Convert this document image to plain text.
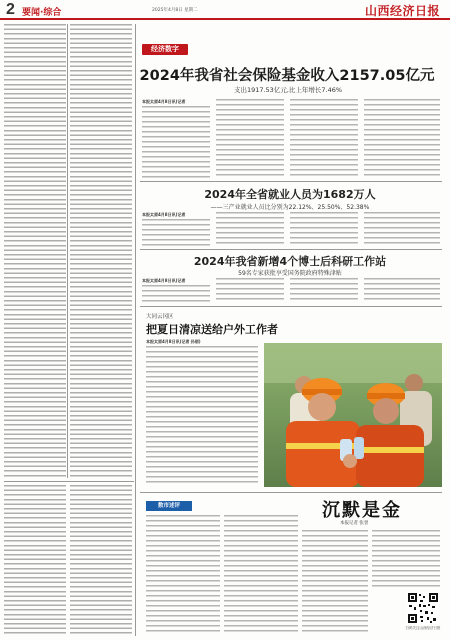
2 要闻·综合	2025年4月8日 星期二	山西经济日报
经济数字
2024年我省社会保险基金收入2157.05亿元
支出1917.53亿元,比上年增长7.46%
本报太原4月8日讯(记者
2024年全省就业人员为1682万人
——三产业就业人员比分别为22.12%、25.50%、52.38%
本报太原4月8日讯(记者
2024年我省新增4个博士后科研工作站
59名专家获批享受国务院政府特殊津贴
本报太原4月8日讯(记者
大同云冈区
把夏日清凉送给户外工作者
本报太原4月8日讯(记者 孙丽)
数市述评	沉默是金
本报记者 张誉
扫码关注山西经济日报
